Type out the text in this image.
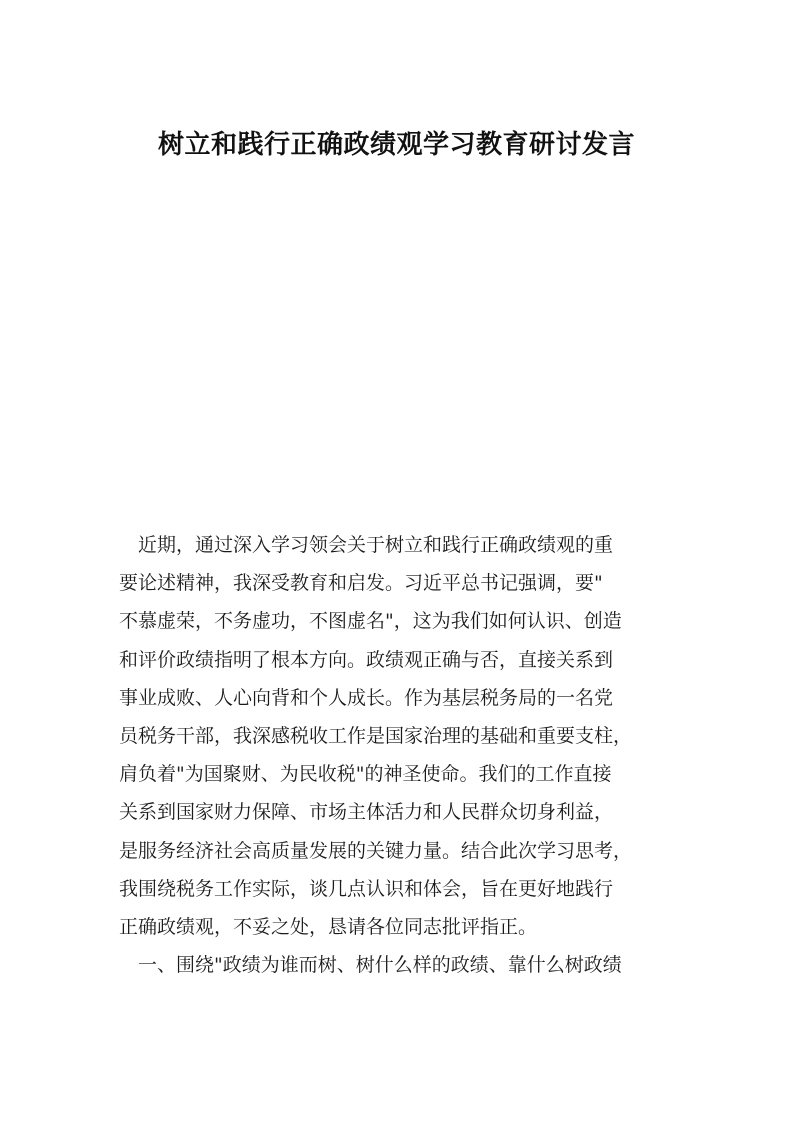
树立和践行正确政绩观学习教育研讨发言
近期，通过深入学习领会关于树立和践行正确政绩观的重
要论述精神，我深受教育和启发。习近平总书记强调，要"
不慕虚荣，不务虚功，不图虚名"，这为我们如何认识、创造
和评价政绩指明了根本方向。政绩观正确与否，直接关系到
事业成败、人心向背和个人成长。作为基层税务局的一名党
员税务干部，我深感税收工作是国家治理的基础和重要支柱，
肩负着"为国聚财、为民收税"的神圣使命。我们的工作直接
关系到国家财力保障、市场主体活力和人民群众切身利益，
是服务经济社会高质量发展的关键力量。结合此次学习思考，
我围绕税务工作实际，谈几点认识和体会，旨在更好地践行
正确政绩观，不妥之处，恳请各位同志批评指正。
一、围绕"政绩为谁而树、树什么样的政绩、靠什么树政绩
